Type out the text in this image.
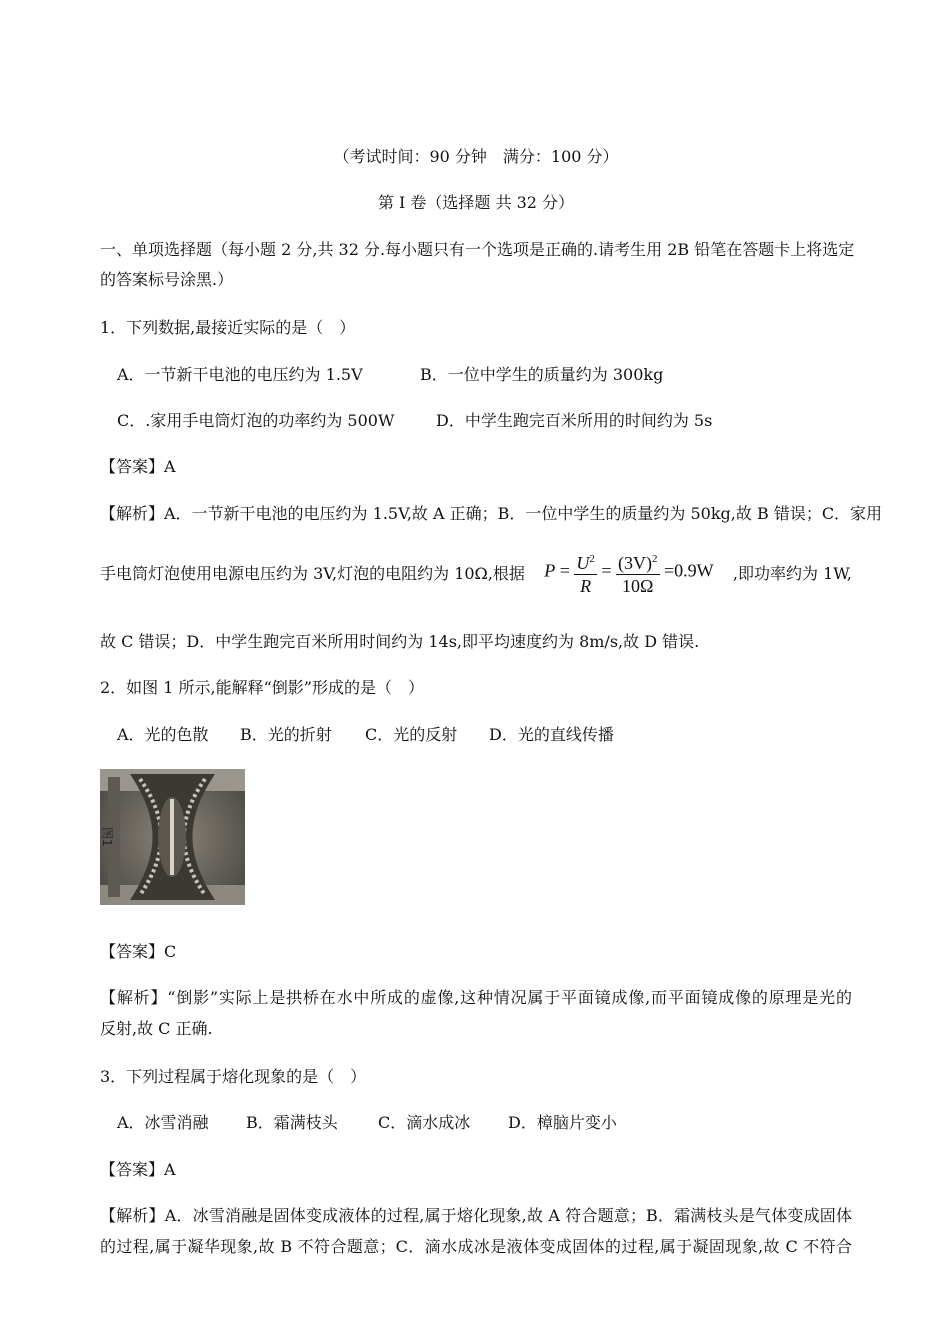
（考试时间：90 分钟　满分：100 分）
第 I 卷（选择题 共 32 分）
一、单项选择题（每小题 2 分,共 32 分.每小题只有一个选项是正确的.请考生用 2B 铅笔在答题卡上将选定
的答案标号涂黑.）
1．下列数据,最接近实际的是（　）
A．一节新干电池的电压约为 1.5V	B．一位中学生的质量约为 300kg
C．.家用手电筒灯泡的功率约为 500W	D．中学生跑完百米所用的时间约为 5s
【答案】A
【解析】A．一节新干电池的电压约为 1.5V,故 A 正确；B．一位中学生的质量约为 50kg,故 B 错误；C．家用
手电筒灯泡使用电源电压约为 3V,灯泡的电阻约为 10Ω,根据 $P = \frac{U^2}{R} = \frac{(3V)^2}{10\Omega} =0.9W$ ,即功率约为 1W,
故 C 错误；D．中学生跑完百米所用时间约为 14s,即平均速度约为 8m/s,故 D 错误.
2．如图 1 所示,能解释“倒影”形成的是（　）
A．光的色散 B．光的折射 C．光的反射 D．光的直线传播
图1
【答案】C
【解析】“倒影”实际上是拱桥在水中所成的虚像,这种情况属于平面镜成像,而平面镜成像的原理是光的
反射,故 C 正确.
3．下列过程属于熔化现象的是（　）
A．冰雪消融 B．霜满枝头	C．滴水成冰 D．樟脑片变小
【答案】A
【解析】A．冰雪消融是固体变成液体的过程,属于熔化现象,故 A 符合题意；B．霜满枝头是气体变成固体
的过程,属于凝华现象,故 B 不符合题意；C．滴水成冰是液体变成固体的过程,属于凝固现象,故 C 不符合
